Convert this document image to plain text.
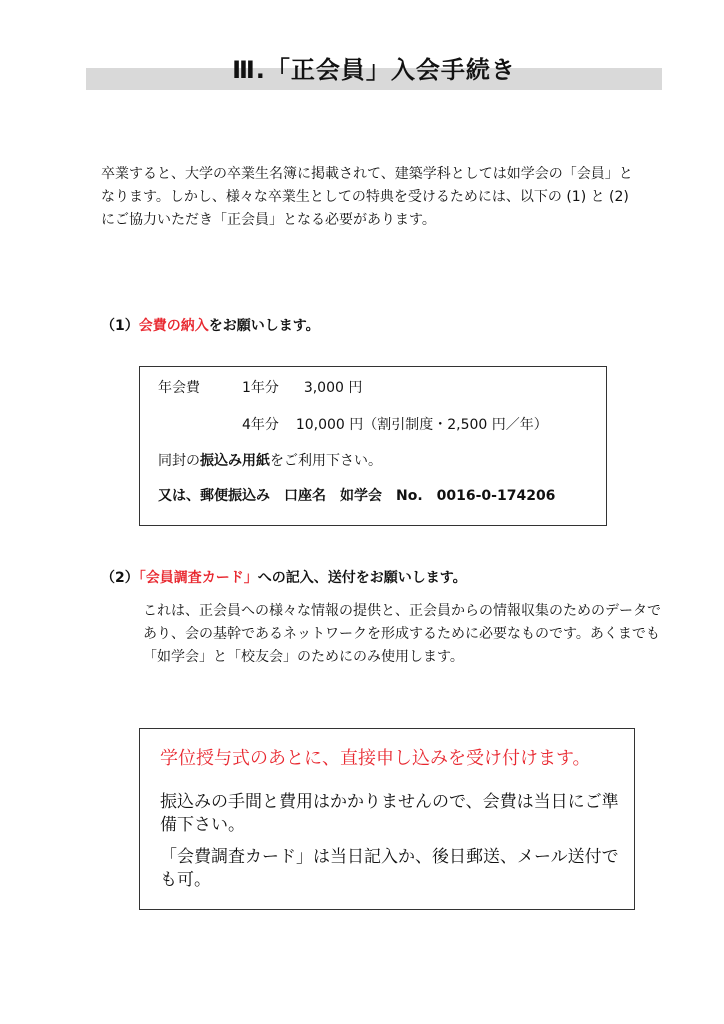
Ⅲ.「正会員」入会手続き
卒業すると、大学の卒業生名簿に掲載されて、建築学科としては如学会の「会員」となります。しかし、様々な卒業生としての特典を受けるためには、以下の (1) と (2) にご協力いただき「正会員」となる必要があります。
（1）会費の納入をお願いします。
年会費	1年分 3,000 円
4年分 10,000 円（割引制度・2,500 円／年）
同封の振込み用紙をご利用下さい。
又は、郵便振込み　口座名　如学会　No.　0016-0-174206
（2）「会員調査カード」への記入、送付をお願いします。
これは、正会員への様々な情報の提供と、正会員からの情報収集のためのデータであり、会の基幹であるネットワークを形成するために必要なものです。あくまでも「如学会」と「校友会」のためにのみ使用します。
学位授与式のあとに、直接申し込みを受け付けます。
振込みの手間と費用はかかりませんので、会費は当日にご準備下さい。
「会費調査カード」は当日記入か、後日郵送、メール送付でも可。
